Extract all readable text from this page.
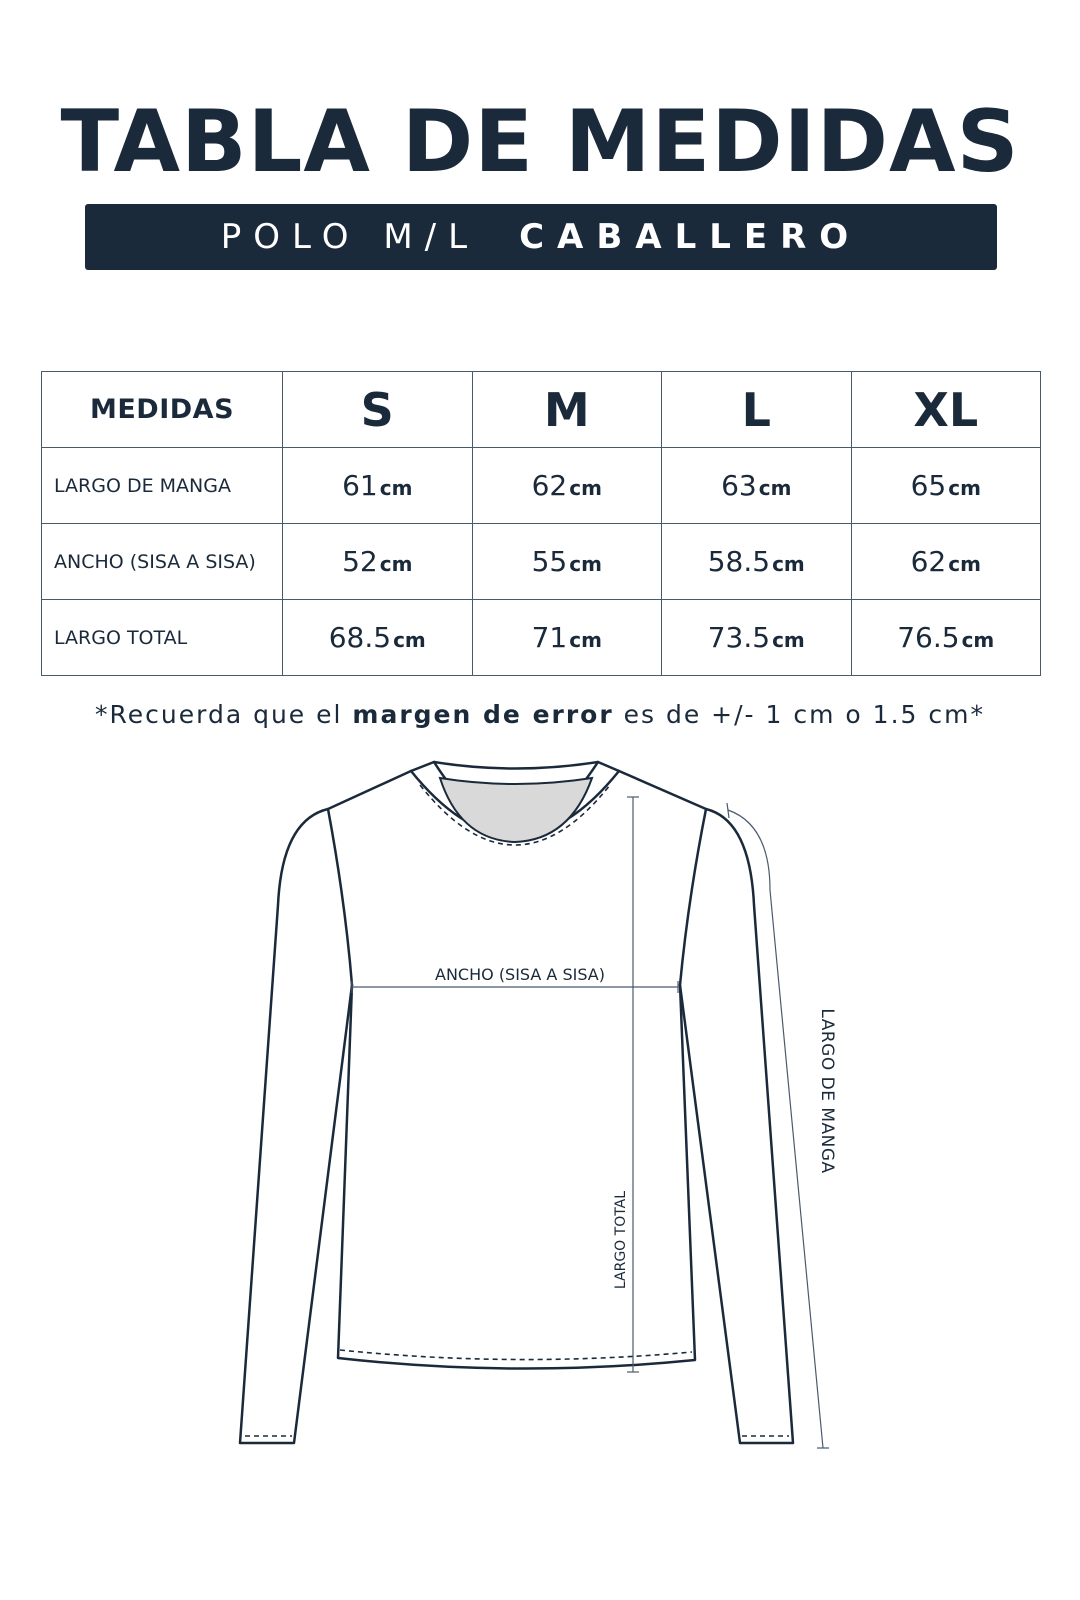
TABLA DE MEDIDAS
POLO M/L CABALLERO
MEDIDAS	S	M	L	XL
LARGO DE MANGA	61 cm	62 cm	63 cm	65 cm
ANCHO (SISA A SISA)	52 cm	55 cm	58.5 cm	62 cm
LARGO TOTAL	68.5 cm	71 cm	73.5 cm	76.5 cm
*Recuerda que el margen de error es de +/- 1 cm o 1.5 cm*
ANCHO (SISA A SISA)
LARGO TOTAL
LARGO DE MANGA
